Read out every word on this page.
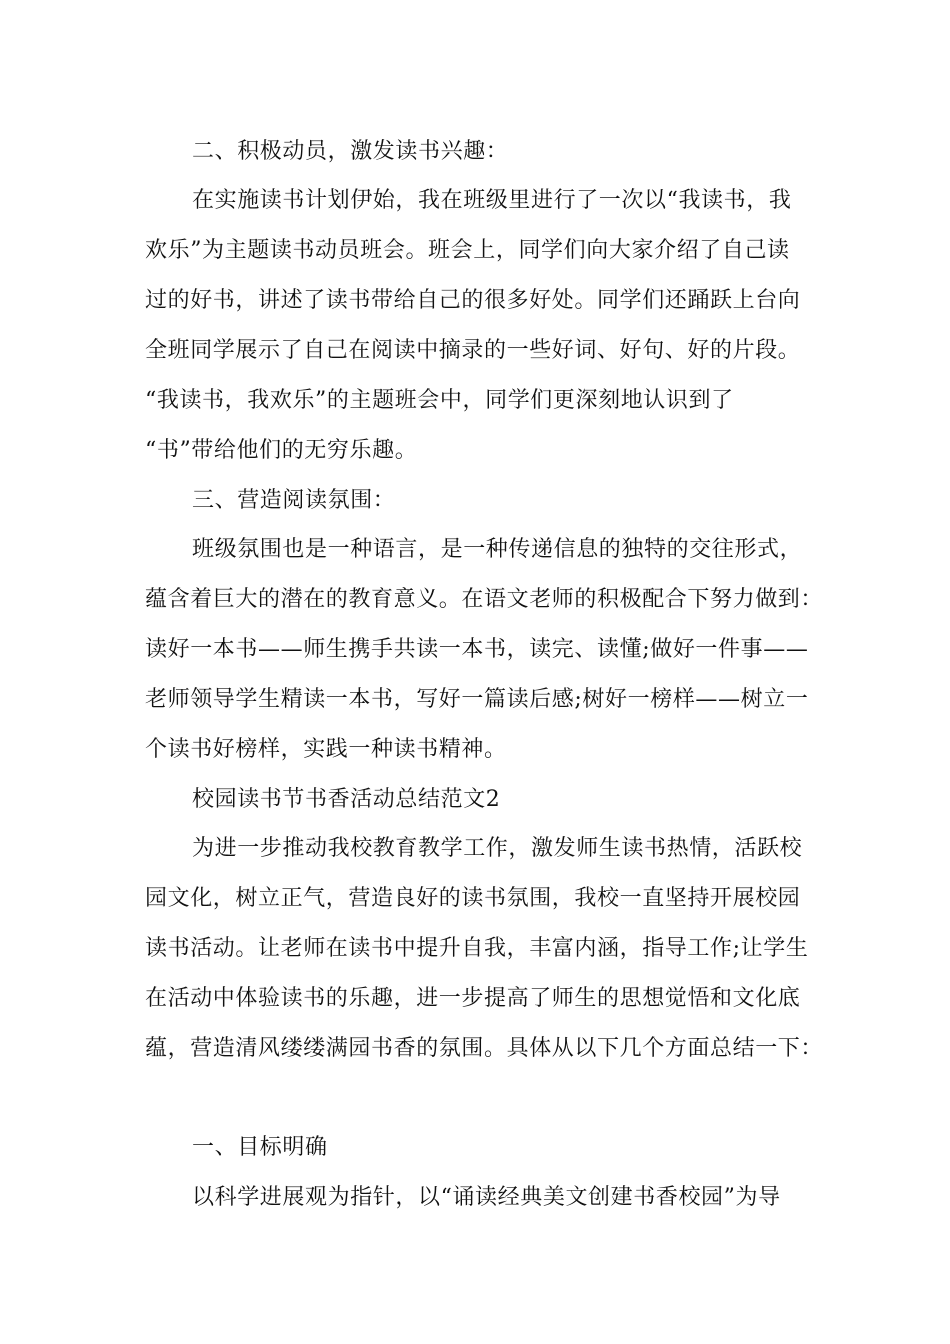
二、积极动员，激发读书兴趣：
在实施读书计划伊始，我在班级里进行了一次以“我读书，我
欢乐”为主题读书动员班会。班会上，同学们向大家介绍了自己读
过的好书，讲述了读书带给自己的很多好处。同学们还踊跃上台向
全班同学展示了自己在阅读中摘录的一些好词、好句、好的片段。
“我读书，我欢乐”的主题班会中，同学们更深刻地认识到了
“书”带给他们的无穷乐趣。
三、营造阅读氛围：
班级氛围也是一种语言，是一种传递信息的独特的交往形式，
蕴含着巨大的潜在的教育意义。在语文老师的积极配合下努力做到：
读好一本书——师生携手共读一本书，读完、读懂;做好一件事——
老师领导学生精读一本书，写好一篇读后感;树好一榜样——树立一
个读书好榜样，实践一种读书精神。
校园读书节书香活动总结范文2
为进一步推动我校教育教学工作，激发师生读书热情，活跃校
园文化，树立正气，营造良好的读书氛围，我校一直坚持开展校园
读书活动。让老师在读书中提升自我，丰富内涵，指导工作;让学生
在活动中体验读书的乐趣，进一步提高了师生的思想觉悟和文化底
蕴，营造清风缕缕满园书香的氛围。具体从以下几个方面总结一下：
一、目标明确
以科学进展观为指针，以“诵读经典美文创建书香校园”为导
